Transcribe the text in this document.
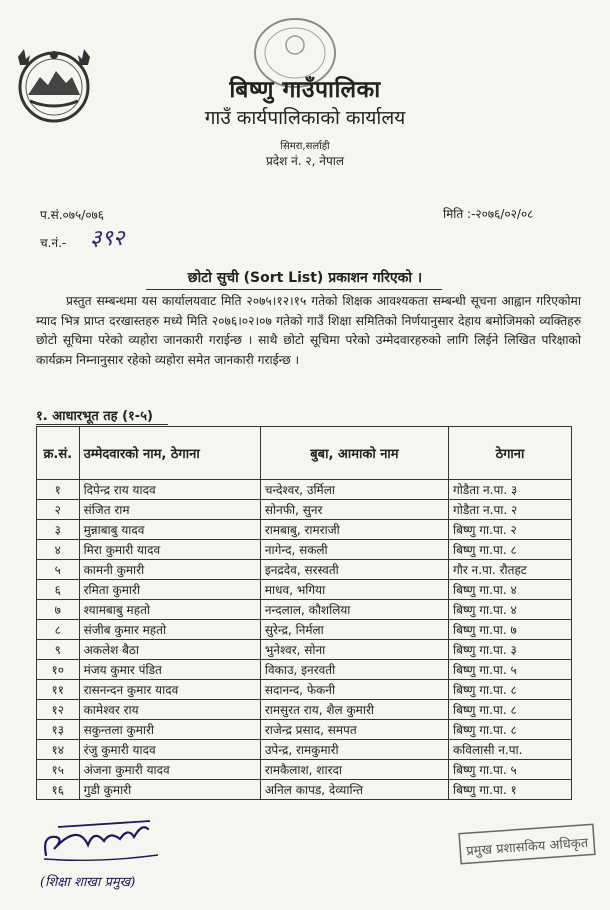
बिष्णु गाउँपालिका
गाउँ कार्यपालिकाको कार्यालय
सिमरा,सर्लाही
प्रदेश नं. २, नेपाल
प.सं.०७५/०७६
च.नं.- ३९२
मिति :-२०७६/०२/०८
छोटो सुची (Sort List) प्रकाशन गरिएको ।
प्रस्तुत सम्बन्धमा यस कार्यालयवाट मिति २०७५।१२।१५ गतेको शिक्षक आवश्यकता सम्बन्धी सूचना आह्वान गरिएकोमा म्याद भित्र प्राप्त दरखास्तहरु मध्ये मिति २०७६।०२।०७ गतेको गाउँ शिक्षा समितिको निर्णयानुसार देहाय बमोजिमको व्यक्तिहरु छोटो सूचिमा परेको व्यहोरा जानकारी गराईन्छ । साथै छोटो सूचिमा परेको उम्मेदवारहरुको लागि लिईने लिखित परिक्षाको कार्यक्रम निम्नानुसार रहेको व्यहोरा समेत जानकारी गराईन्छ ।
१. आधारभूत तह (१-५)
क्र.सं.	उम्मेदवारको नाम, ठेगाना	बुबा, आमाको नाम	ठेगाना
१	दिपेन्द्र राय यादव	चन्देश्वर, उर्मिला	गोडैता न.पा. ३
२	संजित राम	सोनफी, सुनर	गोडैता न.पा. २
३	मुन्नाबाबु यादव	रामबाबु, रामराजी	बिष्णु गा.पा. २
४	मिरा कुमारी यादव	नागेन्द, सकली	बिष्णु गा.पा. ८
५	कामनी कुमारी	इनद्रदेव, सरस्वती	गौर न.पा. रौतहट
६	रमिता कुमारी	माधव, भगिया	बिष्णु गा.पा. ४
७	श्यामबाबु महतो	नन्दलाल, कौशलिया	बिष्णु गा.पा. ४
८	संजीब कुमार महतो	सुरेन्द्र, निर्मला	बिष्णु गा.पा. ७
९	अकलेश बैठा	भुनेश्वर, सोना	बिष्णु गा.पा. ३
१०	मंजय कुमार पंडित	विकाउ, इनरवती	बिष्णु गा.पा. ५
११	रासनन्दन कुमार यादव	सदानन्द, फेकनी	बिष्णु गा.पा. ८
१२	कामेश्वर राय	रामसुरत राय, शैल कुमारी	बिष्णु गा.पा. ८
१३	सकुन्तला कुमारी	राजेन्द्र प्रसाद, समपत	बिष्णु गा.पा. ८
१४	रंजु कुमारी यादव	उपेन्द्र, रामकुमारी	कविलासी न.पा.
१५	अंजना कुमारी यादव	रामकैलाश, शारदा	बिष्णु गा.पा. ५
१६	गुडी कुमारी	अनिल कापड, देव्यान्ति	बिष्णु गा.पा. १
(शिक्षा शाखा प्रमुख)
प्रमुख प्रशासकिय अधिकृत
